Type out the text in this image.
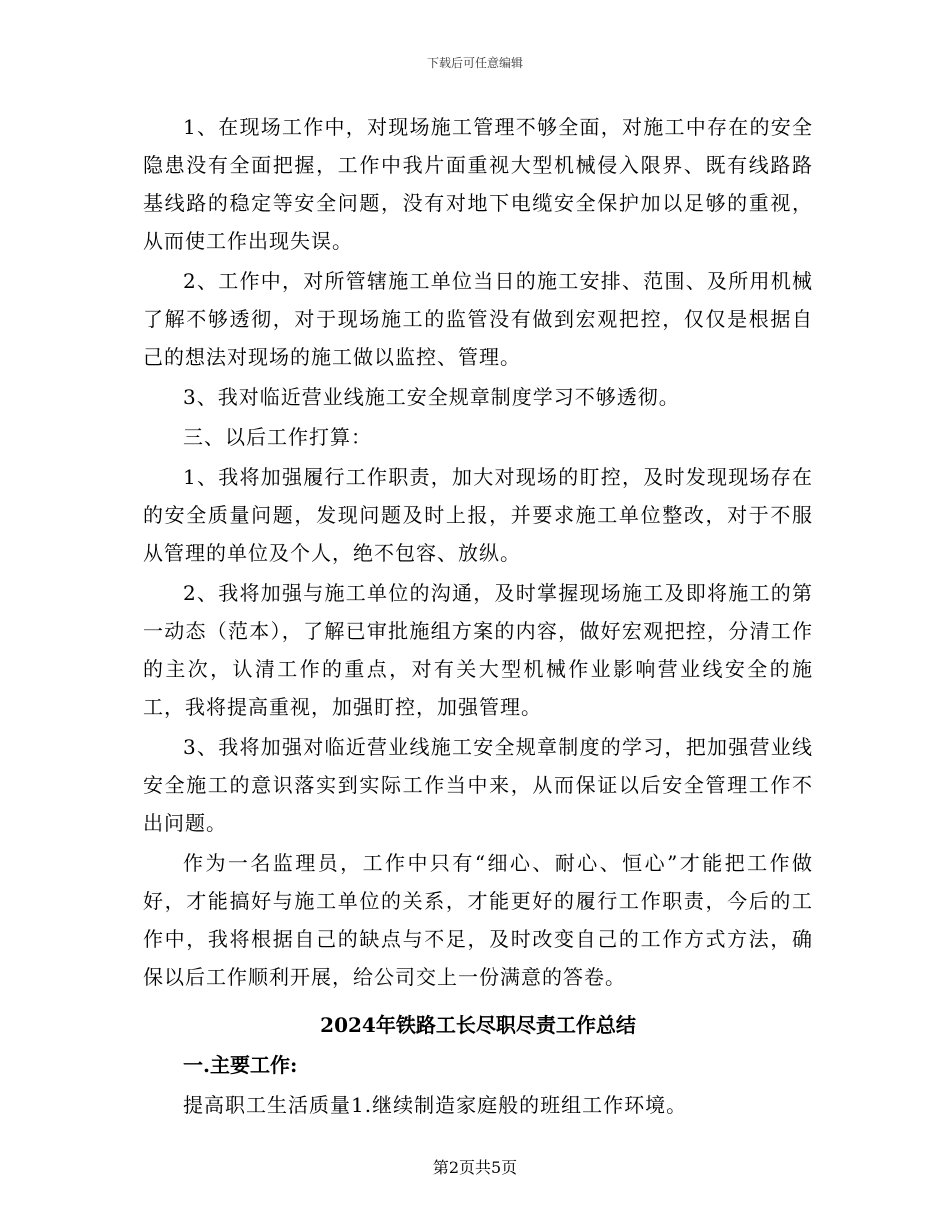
下载后可任意编辑

1、在现场工作中，对现场施工管理不够全面，对施工中存在的安全隐患没有全面把握，工作中我片面重视大型机械侵入限界、既有线路路基线路的稳定等安全问题，没有对地下电缆安全保护加以足够的重视，从而使工作出现失误。

2、工作中，对所管辖施工单位当日的施工安排、范围、及所用机械了解不够透彻，对于现场施工的监管没有做到宏观把控，仅仅是根据自己的想法对现场的施工做以监控、管理。

3、我对临近营业线施工安全规章制度学习不够透彻。

三、以后工作打算：

1、我将加强履行工作职责，加大对现场的盯控，及时发现现场存在的安全质量问题，发现问题及时上报，并要求施工单位整改，对于不服从管理的单位及个人，绝不包容、放纵。

2、我将加强与施工单位的沟通，及时掌握现场施工及即将施工的第一动态（范本），了解已审批施组方案的内容，做好宏观把控，分清工作的主次，认清工作的重点，对有关大型机械作业影响营业线安全的施工，我将提高重视，加强盯控，加强管理。

3、我将加强对临近营业线施工安全规章制度的学习，把加强营业线安全施工的意识落实到实际工作当中来，从而保证以后安全管理工作不出问题。

作为一名监理员，工作中只有“细心、耐心、恒心”才能把工作做好，才能搞好与施工单位的关系，才能更好的履行工作职责，今后的工作中，我将根据自己的缺点与不足，及时改变自己的工作方式方法，确保以后工作顺利开展，给公司交上一份满意的答卷。

2024年铁路工长尽职尽责工作总结
一.主要工作:

提高职工生活质量1.继续制造家庭般的班组工作环境。

第2页共5页
